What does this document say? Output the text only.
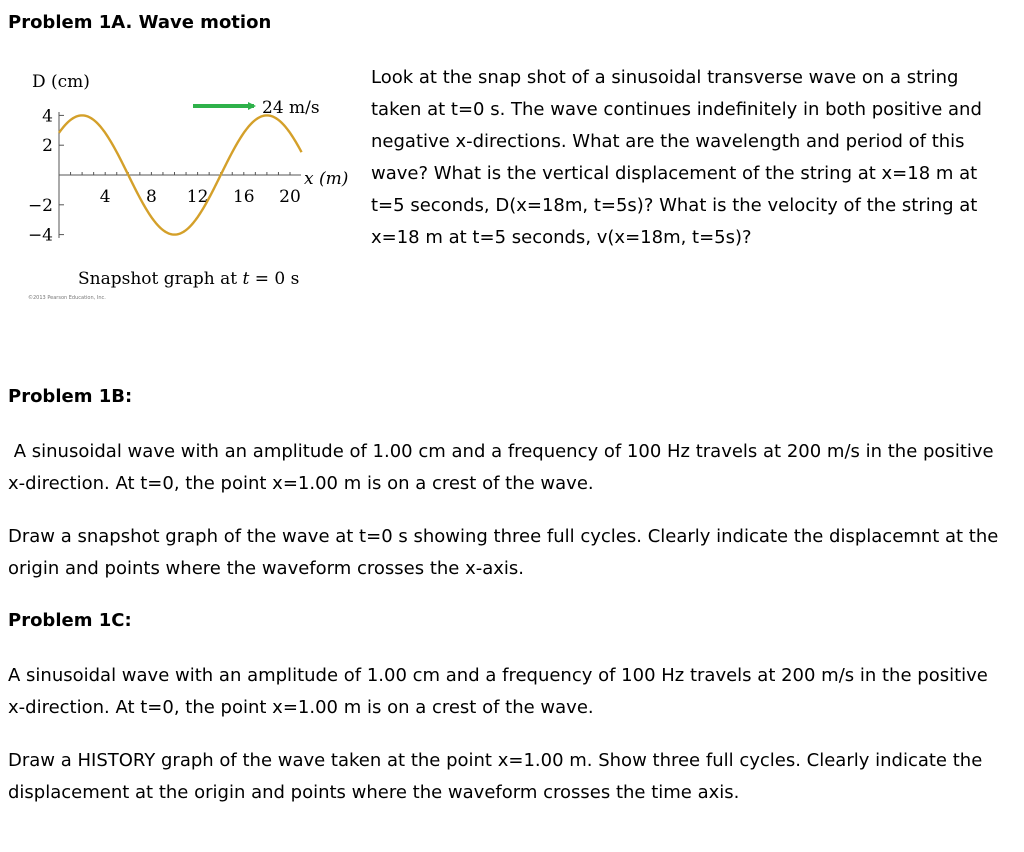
Problem 1A. Wave motion
4 8 12 16 20
4
2
−2
−4
24 m/s
D (cm)
x (m)
Snapshot graph at t = 0 s
©2013 Pearson Education, Inc.
Look at the snap shot of a sinusoidal transverse wave on a string taken at t=0 s. The wave continues indefinitely in both positive and negative x-directions. What are the wavelength and period of this wave? What is the vertical displacement of the string at x=18 m at t=5 seconds, D(x=18m, t=5s)? What is the velocity of the string at x=18 m at t=5 seconds, v(x=18m, t=5s)?
Problem 1B:
A sinusoidal wave with an amplitude of 1.00 cm and a frequency of 100 Hz travels at 200 m/s in the positive x-direction. At t=0, the point x=1.00 m is on a crest of the wave.
Draw a snapshot graph of the wave at t=0 s showing three full cycles. Clearly indicate the displacemnt at the origin and points where the waveform crosses the x-axis.
Problem 1C:
A sinusoidal wave with an amplitude of 1.00 cm and a frequency of 100 Hz travels at 200 m/s in the positive x-direction. At t=0, the point x=1.00 m is on a crest of the wave.
Draw a HISTORY graph of the wave taken at the point x=1.00 m. Show three full cycles. Clearly indicate the displacement at the origin and points where the waveform crosses the time axis.
